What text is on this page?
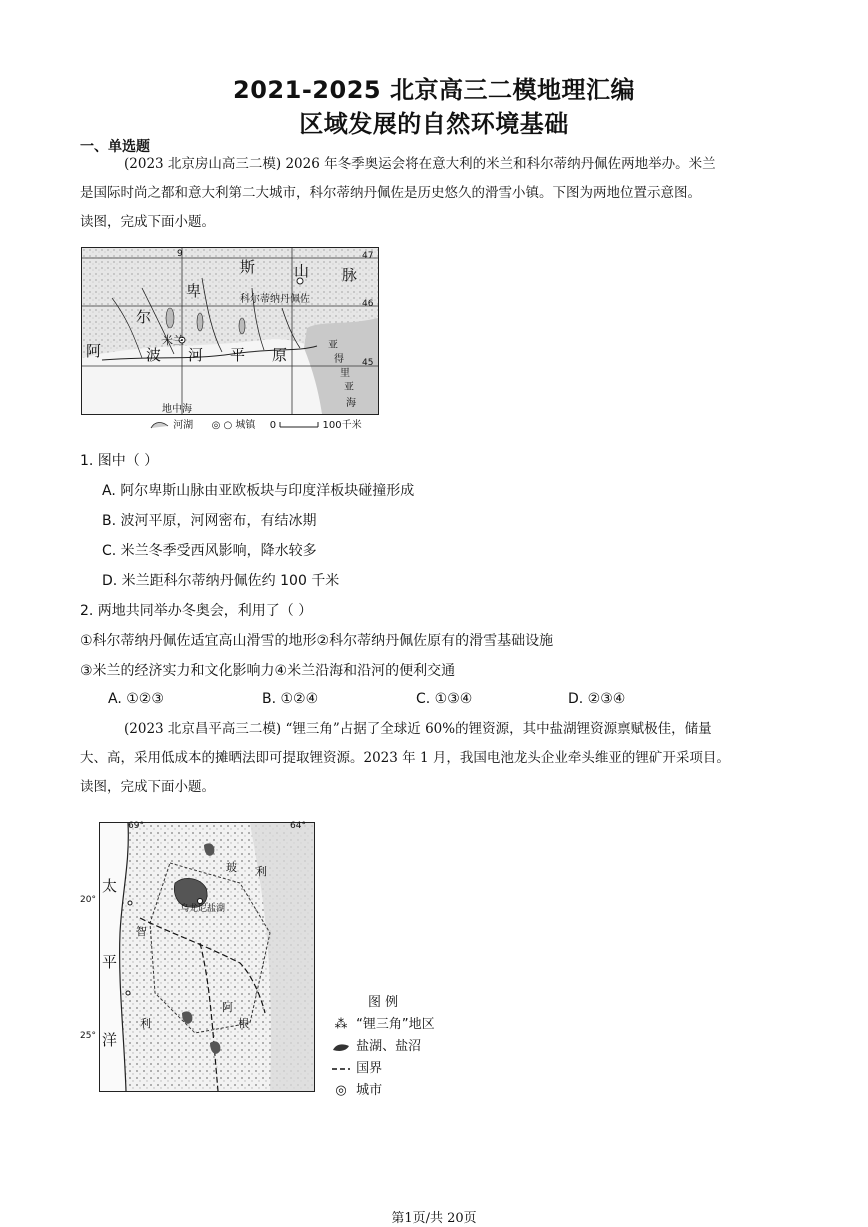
2021-2025 北京高三二模地理汇编
区域发展的自然环境基础
一、单选题
(2023 北京房山高三二模) 2026 年冬季奥运会将在意大利的米兰和科尔蒂纳丹佩佐两地举办。米兰
是国际时尚之都和意大利第二大城市，科尔蒂纳丹佩佐是历史悠久的滑雪小镇。下图为两地位置示意图。
读图，完成下面小题。
9	47
46
45
斯	山 脉
卑
尔
阿	波 河 平 原
米兰
科尔蒂纳丹佩佐
亚
得
里
亚
海
地中海
河湖 ◎ ○ 城镇 0	100千米
1. 图中（ ）
A. 阿尔卑斯山脉由亚欧板块与印度洋板块碰撞形成
B. 波河平原，河网密布，有结冰期
C. 米兰冬季受西风影响，降水较多
D. 米兰距科尔蒂纳丹佩佐约 100 千米
2. 两地共同举办冬奥会，利用了（ ）
①科尔蒂纳丹佩佐适宜高山滑雪的地形②科尔蒂纳丹佩佐原有的滑雪基础设施
③米兰的经济实力和文化影响力④米兰沿海和沿河的便利交通
A. ①②③	B. ①②④	C. ①③④	D. ②③④
(2023 北京昌平高三二模) “锂三角”占据了全球近 60%的锂资源，其中盐湖锂资源禀赋极佳，储量
大、高，采用低成本的摊晒法即可提取锂资源。2023 年 1 月，我国电池龙头企业牵头维亚的锂矿开采项目。
读图，完成下面小题。
69°	64°
20°
25°
太
平
洋
智
利
玻 利
阿
根
乌尤尼盐湖
图 例
⁂ “锂三角”地区
盐湖、盐沼
国界
◎ 城市
第1页/共 20页
